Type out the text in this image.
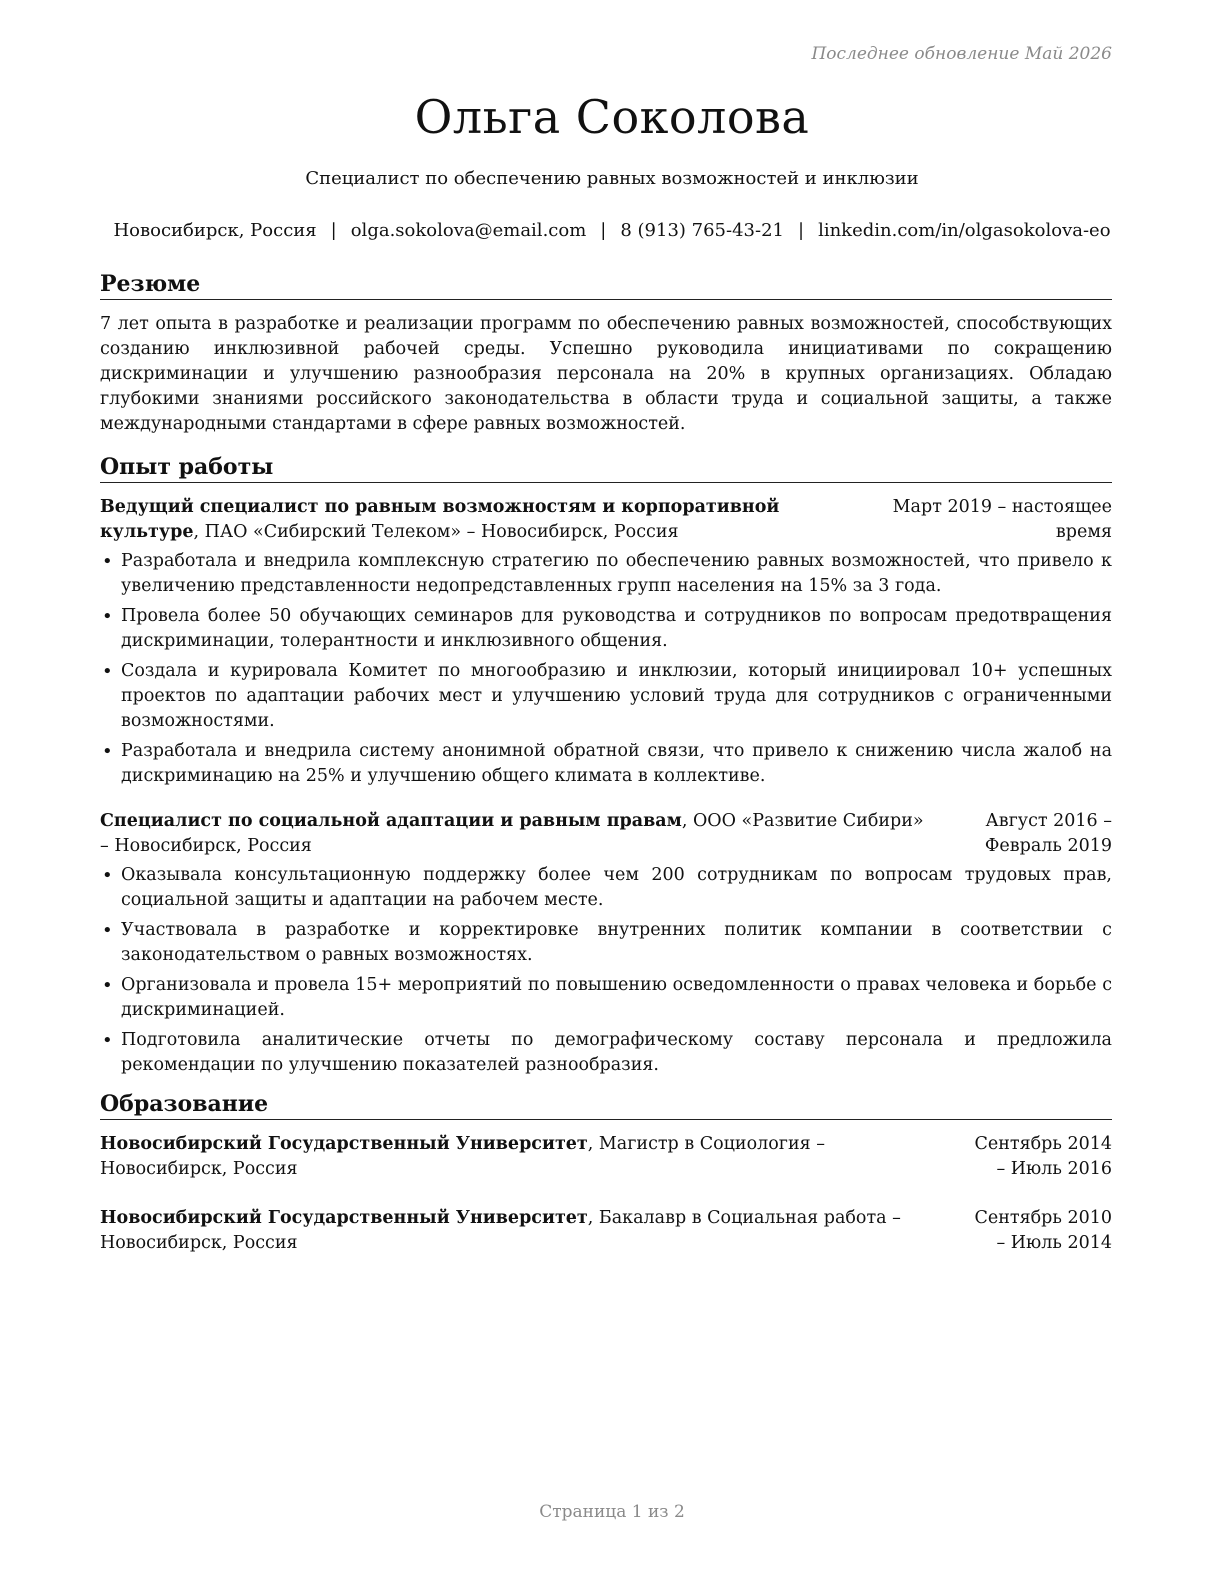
Последнее обновление Май 2026
Ольга Соколова
Специалист по обеспечению равных возможностей и инклюзии
Новосибирск, Россия | olga.sokolova@email.com | 8 (913) 765-43-21 | linkedin.com/in/olgasokolova-eo
Резюме

7 лет опыта в разработке и реализации программ по обеспечению равных возможностей, способствующих созданию инклюзивной рабочей среды. Успешно руководила инициативами по сокращению дискриминации и улучшению разнообразия персонала на 20% в крупных организациях. Обладаю глубокими знаниями российского законодательства в области труда и социальной защиты, а также международными стандартами в сфере равных возможностей.

Опыт работы
Ведущий специалист по равным возможностям и корпоративной культуре, ПАО «Сибирский Телеком» – Новосибирск, Россия
Март 2019 – настоящее время
• Разработала и внедрила комплексную стратегию по обеспечению равных возможностей, что привело к увеличению представленности недопредставленных групп населения на 15% за 3 года.
• Провела более 50 обучающих семинаров для руководства и сотрудников по вопросам предотвращения дискриминации, толерантности и инклюзивного общения.
• Создала и курировала Комитет по многообразию и инклюзии, который инициировал 10+ успешных проектов по адаптации рабочих мест и улучшению условий труда для сотрудников с ограниченными возможностями.
• Разработала и внедрила систему анонимной обратной связи, что привело к снижению числа жалоб на дискриминацию на 25% и улучшению общего климата в коллективе.
Специалист по социальной адаптации и равным правам, ООО «Развитие Сибири» – Новосибирск, Россия
Август 2016 – Февраль 2019
• Оказывала консультационную поддержку более чем 200 сотрудникам по вопросам трудовых прав, социальной защиты и адаптации на рабочем месте.
• Участвовала в разработке и корректировке внутренних политик компании в соответствии с законодательством о равных возможностях.
• Организовала и провела 15+ мероприятий по повышению осведомленности о правах человека и борьбе с дискриминацией.
• Подготовила аналитические отчеты по демографическому составу персонала и предложила рекомендации по улучшению показателей разнообразия.
Образование
Новосибирский Государственный Университет, Магистр в Социология – Новосибирск, Россия
Сентябрь 2014 – Июль 2016
Новосибирский Государственный Университет, Бакалавр в Социальная работа – Новосибирск, Россия
Сентябрь 2010 – Июль 2014
Страница 1 из 2
